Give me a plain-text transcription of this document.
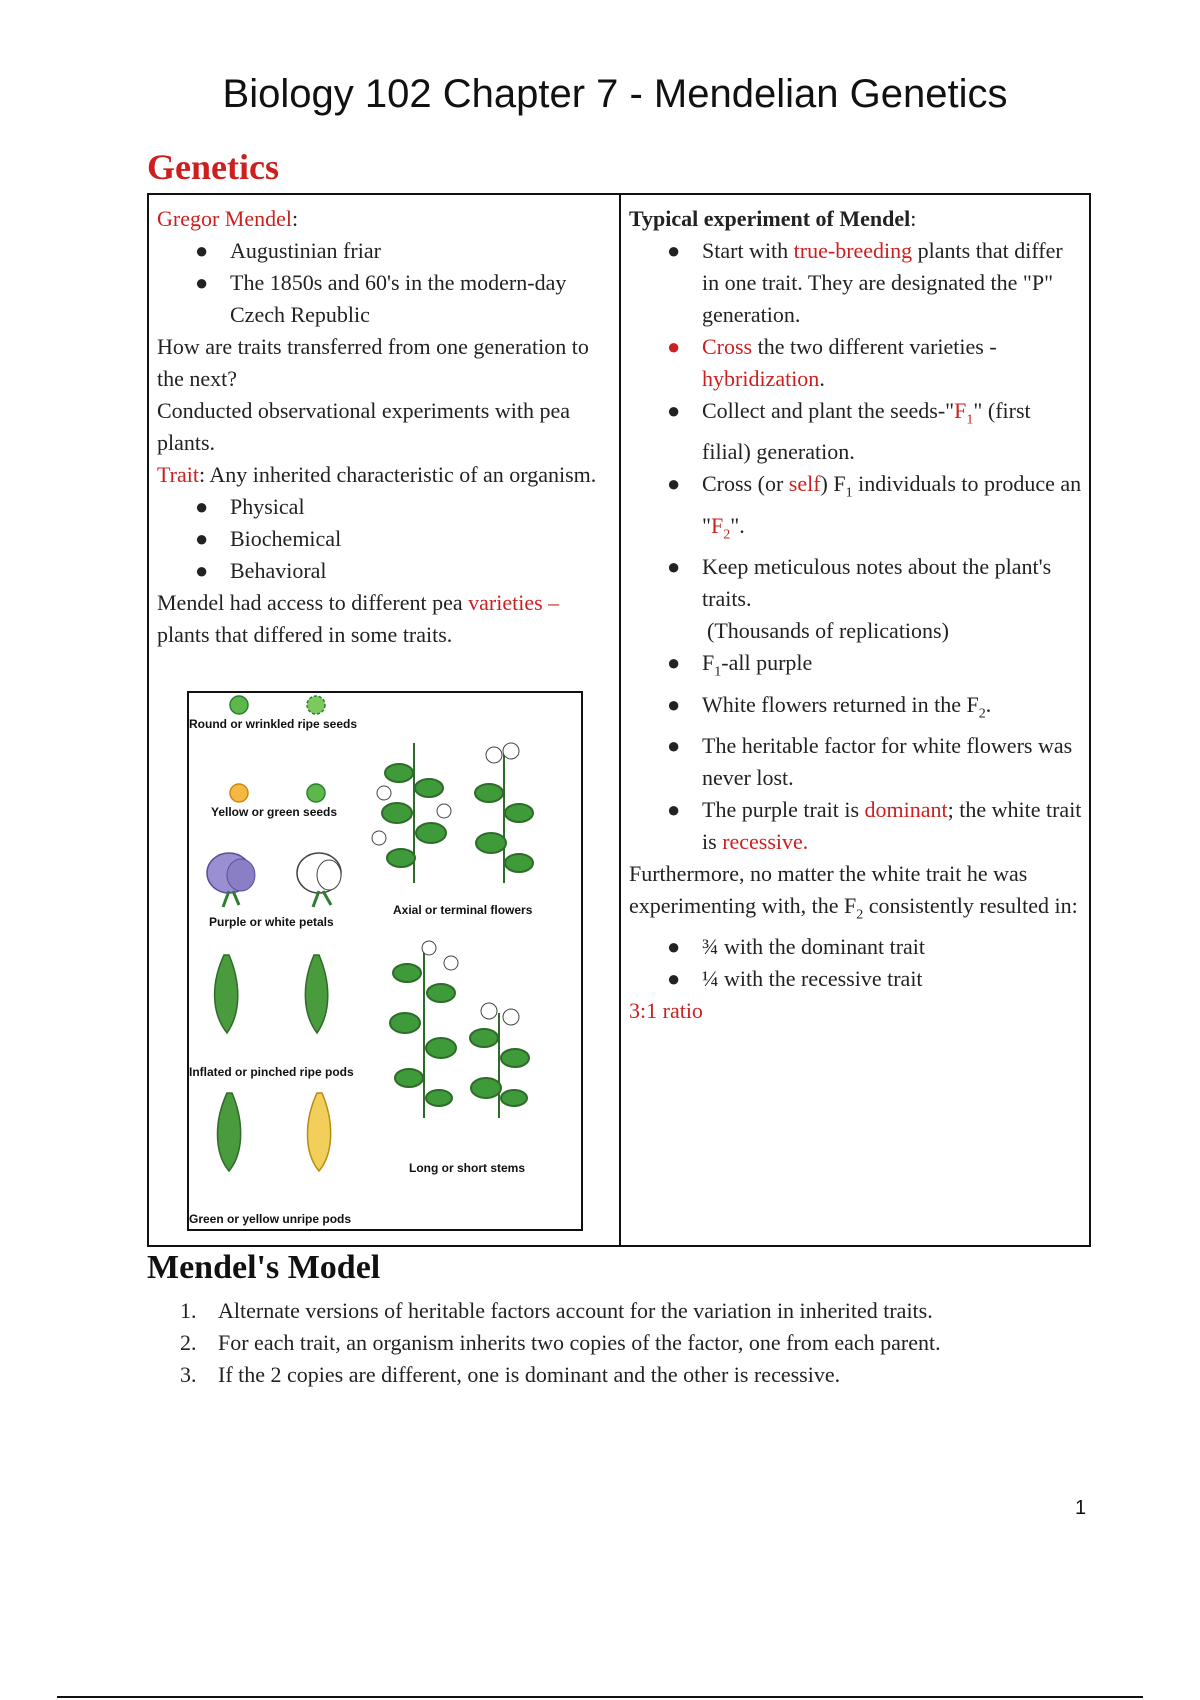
Biology 102 Chapter 7 - Mendelian Genetics
Genetics

Gregor Mendel:

● Augustinian friar
● The 1850s and 60's in the modern-day Czech Republic

How are traits transferred from one generation to the next?

Conducted observational experiments with pea plants.

Trait: Any inherited characteristic of an organism.

● Physical
● Biochemical
● Behavioral

Mendel had access to different pea varieties –
plants that differed in some traits.

Round or wrinkled ripe seeds
Yellow or green seeds
Purple or white petals
Axial or terminal flowers
Inflated or pinched ripe pods
Long or short stems
Green or yellow unripe pods

Typical experiment of Mendel:

● Start with true-breeding plants that differ in one trait. They are designated the "P" generation.
● Cross the two different varieties - hybridization.
● Collect and plant the seeds-"$F_1$" (first filial) generation.
● Cross (or self) $F_1$ individuals to produce an "$F_2$".
● Keep meticulous notes about the plant's traits.

(Thousands of replications)

● $F_1$-all purple
● White flowers returned in the $F_2$.
● The heritable factor for white flowers was never lost.
● The purple trait is dominant; the white trait is recessive.

Furthermore, no matter the white trait he was experimenting with, the $F_2$ consistently resulted in:

● ¾ with the dominant trait
● ¼ with the recessive trait

3:1 ratio

Mendel's Model
1. Alternate versions of heritable factors account for the variation in inherited traits.
2. For each trait, an organism inherits two copies of the factor, one from each parent.
3. If the 2 copies are different, one is dominant and the other is recessive.
1
